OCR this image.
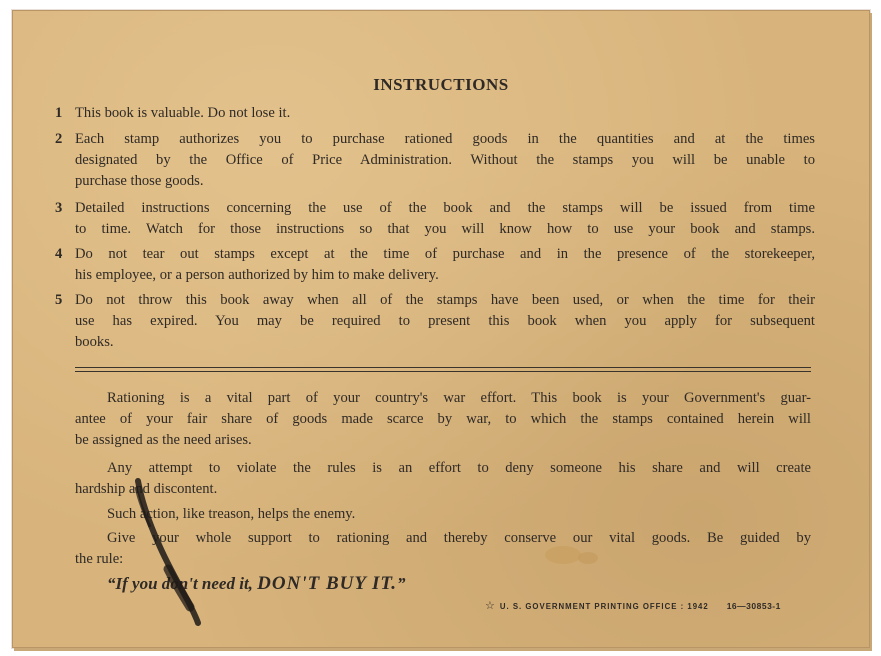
INSTRUCTIONS
1 This book is valuable. Do not lose it.
2 Each stamp authorizes you to purchase rationed goods in the quantities and at the times
designated by the Office of Price Administration. Without the stamps you will be unable to
purchase those goods.
3 Detailed instructions concerning the use of the book and the stamps will be issued from time
to time. Watch for those instructions so that you will know how to use your book and stamps.
4 Do not tear out stamps except at the time of purchase and in the presence of the storekeeper,
his employee, or a person authorized by him to make delivery.
5 Do not throw this book away when all of the stamps have been used, or when the time for their
use has expired. You may be required to present this book when you apply for subsequent
books.
Rationing is a vital part of your country's war effort. This book is your Government's guar-
antee of your fair share of goods made scarce by war, to which the stamps contained herein will
be assigned as the need arises.
Any attempt to violate the rules is an effort to deny someone his share and will create
hardship and discontent.
Such action, like treason, helps the enemy.
Give your whole support to rationing and thereby conserve our vital goods. Be guided by
the rule:
“If you don't need it, DON'T BUY IT.”
☆ U. S. GOVERNMENT PRINTING OFFICE : 1942 16—30853-1
